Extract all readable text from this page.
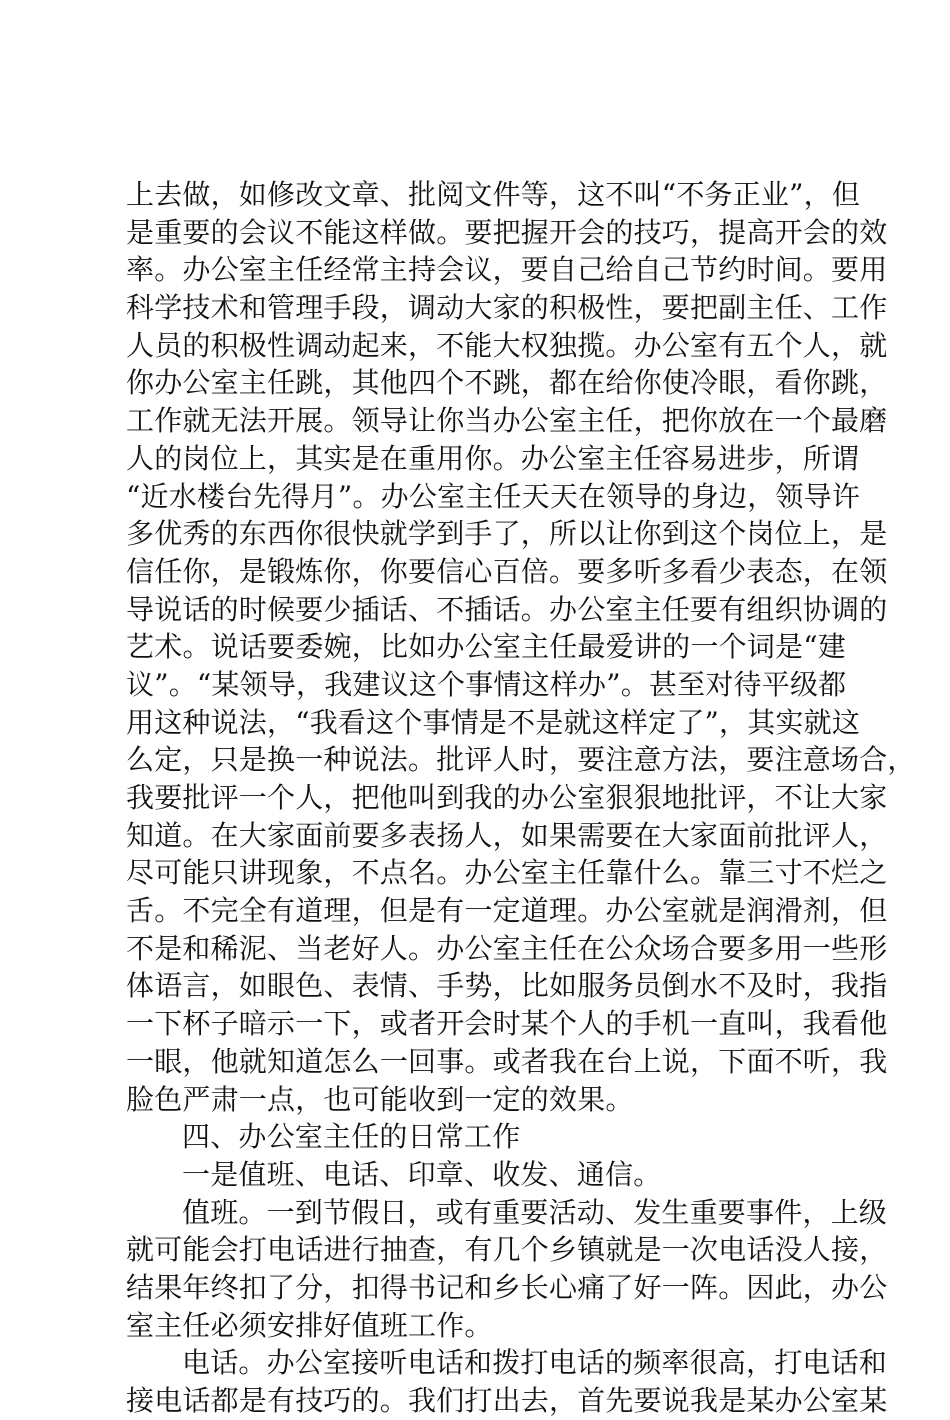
上去做，如修改文章、批阅文件等，这不叫“不务正业”，但
是重要的会议不能这样做。要把握开会的技巧，提高开会的效
率。办公室主任经常主持会议，要自己给自己节约时间。要用
科学技术和管理手段，调动大家的积极性，要把副主任、工作
人员的积极性调动起来，不能大权独揽。办公室有五个人，就
你办公室主任跳，其他四个不跳，都在给你使冷眼，看你跳，
工作就无法开展。领导让你当办公室主任，把你放在一个最磨
人的岗位上，其实是在重用你。办公室主任容易进步，所谓
“近水楼台先得月”。办公室主任天天在领导的身边，领导许
多优秀的东西你很快就学到手了，所以让你到这个岗位上，是
信任你，是锻炼你，你要信心百倍。要多听多看少表态，在领
导说话的时候要少插话、不插话。办公室主任要有组织协调的
艺术。说话要委婉，比如办公室主任最爱讲的一个词是“建
议”。“某领导，我建议这个事情这样办”。甚至对待平级都
用这种说法，“我看这个事情是不是就这样定了”，其实就这
么定，只是换一种说法。批评人时，要注意方法，要注意场合，
我要批评一个人，把他叫到我的办公室狠狠地批评，不让大家
知道。在大家面前要多表扬人，如果需要在大家面前批评人，
尽可能只讲现象，不点名。办公室主任靠什么。靠三寸不烂之
舌。不完全有道理，但是有一定道理。办公室就是润滑剂，但
不是和稀泥、当老好人。办公室主任在公众场合要多用一些形
体语言，如眼色、表情、手势，比如服务员倒水不及时，我指
一下杯子暗示一下，或者开会时某个人的手机一直叫，我看他
一眼，他就知道怎么一回事。或者我在台上说，下面不听，我
脸色严肃一点，也可能收到一定的效果。
四、办公室主任的日常工作
一是值班、电话、印章、收发、通信。
值班。一到节假日，或有重要活动、发生重要事件，上级
就可能会打电话进行抽查，有几个乡镇就是一次电话没人接，
结果年终扣了分，扣得书记和乡长心痛了好一阵。因此，办公
室主任必须安排好值班工作。
电话。办公室接听电话和拨打电话的频率很高，打电话和
接电话都是有技巧的。我们打出去，首先要说我是某办公室某
